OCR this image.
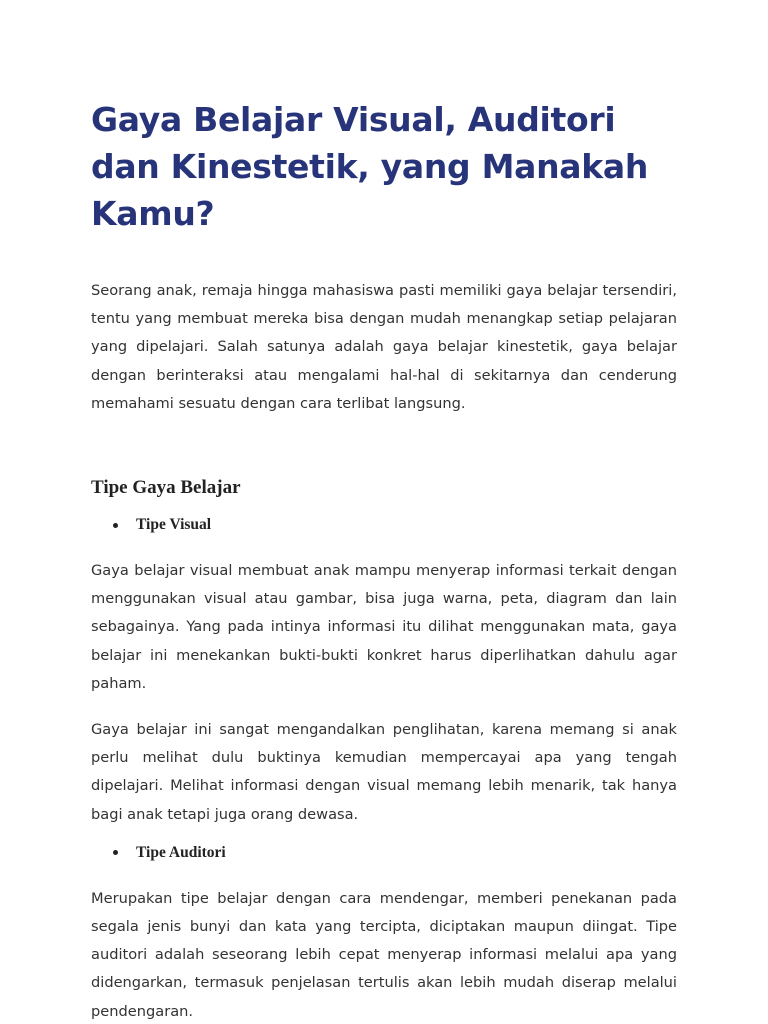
Gaya Belajar Visual, Auditori dan Kinestetik, yang Manakah Kamu?

Seorang anak, remaja hingga mahasiswa pasti memiliki gaya belajar tersendiri, tentu yang membuat mereka bisa dengan mudah menangkap setiap pelajaran yang dipelajari. Salah satunya adalah gaya belajar kinestetik, gaya belajar dengan berinteraksi atau mengalami hal-hal di sekitarnya dan cenderung memahami sesuatu dengan cara terlibat langsung.

Tipe Gaya Belajar
Tipe Visual

Gaya belajar visual membuat anak mampu menyerap informasi terkait dengan menggunakan visual atau gambar, bisa juga warna, peta, diagram dan lain sebagainya. Yang pada intinya informasi itu dilihat menggunakan mata, gaya belajar ini menekankan bukti-bukti konkret harus diperlihatkan dahulu agar paham.

Gaya belajar ini sangat mengandalkan penglihatan, karena memang si anak perlu melihat dulu buktinya kemudian mempercayai apa yang tengah dipelajari. Melihat informasi dengan visual memang lebih menarik, tak hanya bagi anak tetapi juga orang dewasa.

Tipe Auditori

Merupakan tipe belajar dengan cara mendengar, memberi penekanan pada segala jenis bunyi dan kata yang tercipta, diciptakan maupun diingat. Tipe auditori adalah seseorang lebih cepat menyerap informasi melalui apa yang didengarkan, termasuk penjelasan tertulis akan lebih mudah diserap melalui pendengaran.
